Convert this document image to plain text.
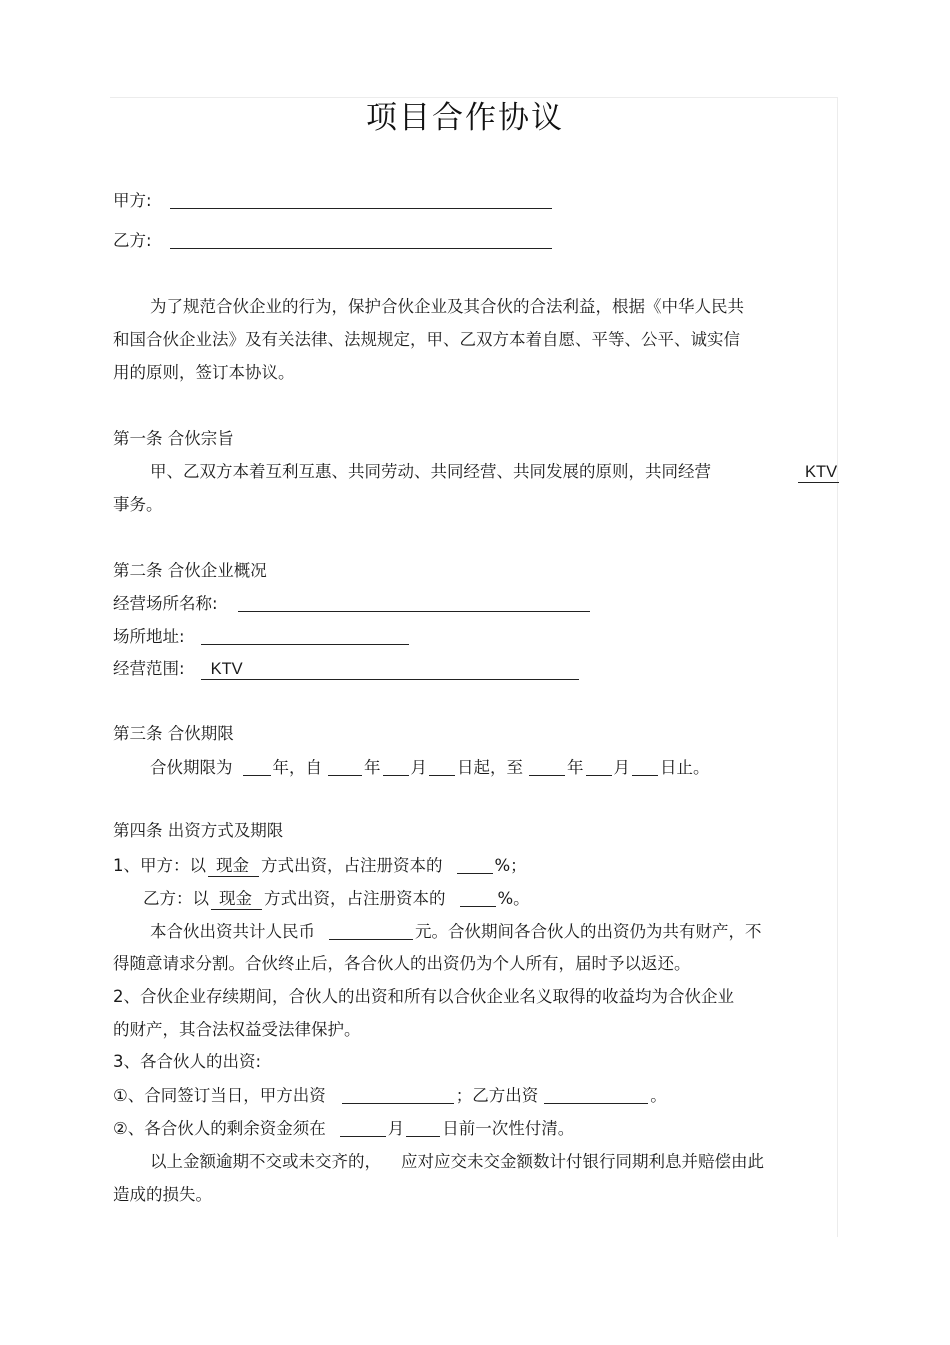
项目合作协议
甲方:
乙方:
为了规范合伙企业的行为，保护合伙企业及其合伙的合法利益，根据《中华人民共
和国合伙企业法》及有关法律、法规规定，甲、乙双方本着自愿、平等、公平、诚实信
用的原则，签订本协议。
第一条 合伙宗旨
甲、乙双方本着互利互惠、共同劳动、共同经营、共同发展的原则，共同经营	KTV
事务。
第二条 合伙企业概况
经营场所名称:
场所地址:
经营范围: KTV
第三条 合伙期限
合伙期限为 年，自	年 月 日起，至	年 月 日止。
第四条 出资方式及期限
1、甲方：以 现金 方式出资，占注册资本的	%；
乙方：以 现金 方式出资，占注册资本的	%。
本合伙出资共计人民币	元。合伙期间各合伙人的出资仍为共有财产，不
得随意请求分割。合伙终止后，各合伙人的出资仍为个人所有，届时予以返还。
2、合伙企业存续期间，合伙人的出资和所有以合伙企业名义取得的收益均为合伙企业
的财产，其合法权益受法律保护。
3、各合伙人的出资:
①、合同签订当日，甲方出资	；乙方出资	。
②、各合伙人的剩余资金须在	月 日前一次性付清。
以上金额逾期不交或未交齐的， 应对应交未交金额数计付银行同期利息并赔偿由此
造成的损失。
